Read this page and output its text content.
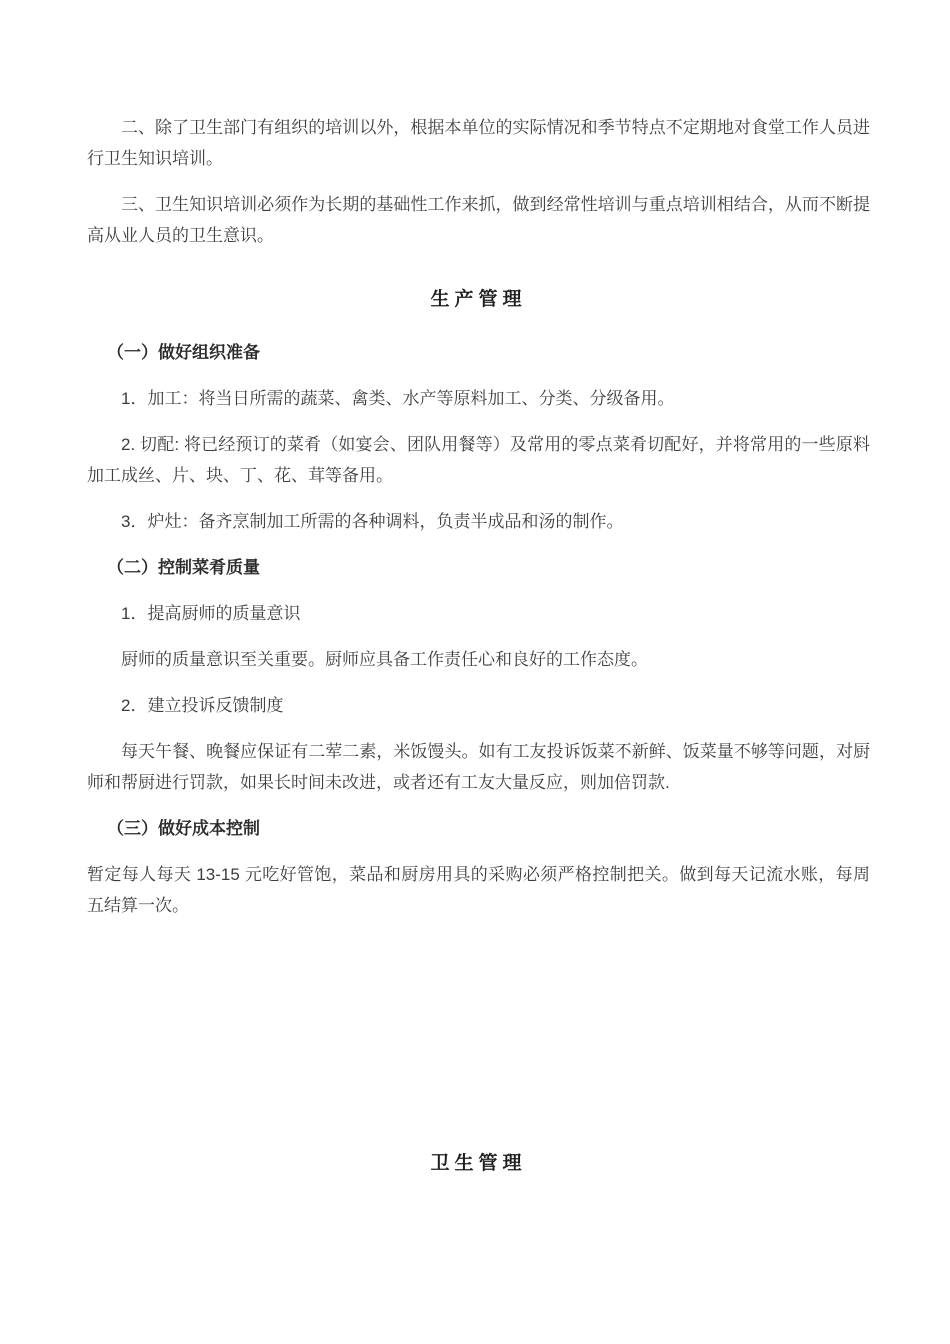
二、除了卫生部门有组织的培训以外，根据本单位的实际情况和季节特点不定期地对食堂工作人员进行卫生知识培训。

三、卫生知识培训必须作为长期的基础性工作来抓，做到经常性培训与重点培训相结合，从而不断提高从业人员的卫生意识。

生产管理
（一）做好组织准备

1．加工：将当日所需的蔬菜、禽类、水产等原料加工、分类、分级备用。

2. 切配: 将已经预订的菜肴（如宴会、团队用餐等）及常用的零点菜肴切配好，并将常用的一些原料加工成丝、片、块、丁、花、茸等备用。

3．炉灶：备齐烹制加工所需的各种调料，负责半成品和汤的制作。

（二）控制菜肴质量

1．提高厨师的质量意识

厨师的质量意识至关重要。厨师应具备工作责任心和良好的工作态度。

2．建立投诉反馈制度

每天午餐、晚餐应保证有二荤二素，米饭馒头。如有工友投诉饭菜不新鲜、饭菜量不够等问题，对厨师和帮厨进行罚款，如果长时间未改进，或者还有工友大量反应，则加倍罚款.

（三）做好成本控制

暂定每人每天 13-15 元吃好管饱，菜品和厨房用具的采购必须严格控制把关。做到每天记流水账，每周五结算一次。

卫生管理
